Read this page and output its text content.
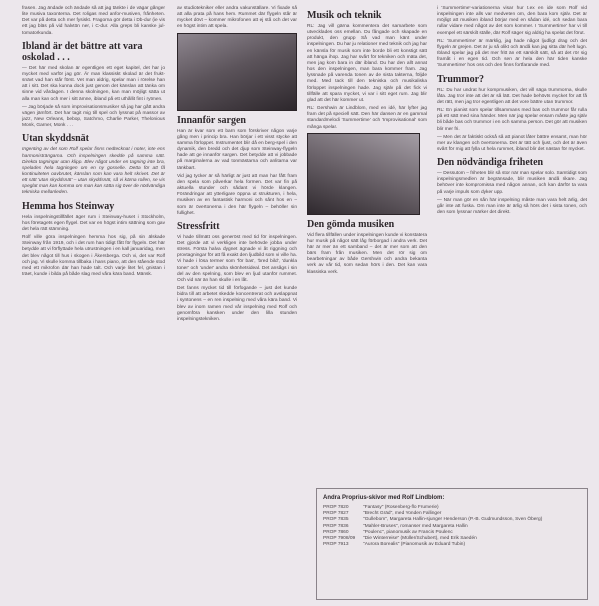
frasen. Jag ändade och ändade så att jag tänkte i de vägar gånger lite musiva taxonterna. Det roligas med anfor-musiven, frånheten. Det var på detta och mer fysiskt. Fragorna gör detta i Db-dur (ie vis ett jag bläs på vid halvtön ner, i C-dur. Alla greps bli kanske jul-tomatorkunda.

Ibland är det bättre att vara oskolad . . .

— Det här med skolan är egentligen ett eget kapitel, det har jo mycket med varför jag gör. Är man klassiskt skolad är det frukt-snävt vad han står först. Vet man aldrig, spelar man i rörelse han att i sitt. Det ska kunna dock just genom det känslan att tänka om sinne vid vårdagen. I denna skolningen, kan man möjligt sätta ut alla man kan och mer i sitt ämne, ibland på ett uthållit fint i rytmen.

— Jag började så som improvisationsmusiker så jag har gått andra vägen jämfört. Det har tagit mig till spel och lyssnat på massor av jazz, New Orleans, bebop, Satchmo, Charlie Parker, Thelonious Monk, Garner, Monk . . .

Utan skyddsnät

Ingenting av det som Rolf spelar finns nedtecknat i noter, inte ens harmonisträngarna. Och inspelningen skedde på samma sätt. Direkta tagningar utan klipp. Blev något under en tagning inte bra, spelades hela tagningen om en ny gosselle. Detta för att få kontinuiteten oavbrutet, känslan som kan vara helt skrivet. Det är ett sätt 'utan skyddsnät' – utan skyddsnät, så vi kärna rollen, se vis speglat man kan komma om man kan sätta sig över de nödvändiga tekniska mellanleden.

Hemma hos Steinway

Hela inspelningstillfället äger rum i Steinway-huset i Stockholm, hos företagets egen flygel. Det var en högst intim sättning som gav det hela rätt stämning.

Rolf ville göra inspelningen hemma hos sig, på sin älskade Steinway från 1919, och i det rum han tidigt fått för flygeln. Det här betydde att vi förflyttade hela utrustningen i en kall januaridag, men det blev något till hus i skogen i Åkersberga. Och vi, det var Rolf och jag. Vi skulle komma tillbaka i hans piano, att den stående stod med ett mikrofon där han hade talt. Och varje litet fel, gnistan i träet, kunde i bilda på både slag med våra kära band. Mänsk.

av studiotekniker eller andra vakunställare. Vi fixade så att alla prata på hans hem. Rummet där flygeln står är mycket dövt – kommer mikrofonen att ej stå och det var en högst intim att spela.

Innanför sargen

Han är kvar som ett barn som förskriver någon varje gång men i princip bra. Han börjar i ett visst stycke att samma förloppet. Instrumentet blir då en berg-spel i den dynamik, den bredd och det djup som Steinway-flygeln hade att ge innanför sargen. Det betydde att vi jobbade på marginalerna av vad tonmästarna och anlitarna var tänkbart.

Vid jag tycker är så härligt är just att man har fått fram den spela som påverkar hela formen. Det var fin på aktuella stunder och sådant vi hörde klangen. Förändringar att ytterligare öppna ut strukturen, i hela, musiken av en fantastisk harmoni och sånt hos en – som är övertonerna i den här flygeln – behöller sin fullighet.

Stressfritt

Vi hade tillmätt oss generöst med tid för inspelningen. Det gjorde att vi verkligen inte behövde jobba under stress. Första halva dygnet ägnade vi åt riggning och provtagningar för att få exakt den ljudbild som vi ville ha. Vi hade i lösa termer som 'för bas', 'bred bild', 'dunkla toner' och 'under' andra skönhetsideal. Det ansågs i sin del av den spelning, som blev en ljud utanför rummet. Och vid när än han skulle i en låt.

Det fanns mycket tid till förfogande – just det kunde bidra till att arbetet skedde koncentrerat och avslappnat i syntonens – en ren inspelning med våra kära band. Vi blev av inom ramen med vår inspelning med Rolf och genomföra kansken under den lilla stunden inspelningstekniken.

Musik och teknik

RL: Jag vill gärna kommentera det samarbete som utvecklades oss emellan. Du fångade och skapade en produkt, den grupp Så vad man känt under inspelningen. Du har ju relationer med teknik och jag har en känsla för musik som inte borde bli ett konstigt sätt att hänga ihop. Jag har svårt för tekniken och mäta det, men jag kom bara in där ibland. Du har den allt annat hos den inspelningen, man bara kommer fram. Jag lyssnade på varenda tonen av de sista takterna, följde med. Med tack till den tekniska och musikaliska förloppet inspelningen hade. Jag själv på det fick vi tillfälle att spara mycket, vi var i sitt eget rum. Jag blir glad att det här kommer ut.

RL: Gershwin är Lindblom, med en idé, här lyfter jag fram det på speciell sätt. Den här dansen är en gammal standardmelodi 'Summertime' och 'Improvisational' som många spelar.

Den gömda musiken

Vid flera tillfällen under inspelningen kunde vi konstatera hur musik på något sätt låg förborgad i andra verk. Det här är mer än ett samband – det är mer som att den bärs fram från musiken. Men det rör sig om bearbetningar av både Gershwin och andra bekanta verk av vår tid, som sedan hörs i den. Det kan vara klassiska verk.

i 'Summertime'-variationerna visar hur t.ex en ide som Rolf vid inspelningen inte alls var medveten om, den bara kom själv. Det är möjligt att musiken ibland börjar med en sådan idé, och sedan bara rullar vidare med något av det som kommer. I 'Summertime' har vi till exempel ett särskilt ställe, där Rolf säger sig aldrig ha spelat det förut.

RL: 'Summertime' är märklig, jag hade något ljudligt drag och det flygeln är grejen. Det är ju så olikt och ändå kan jag sitta där helt lugn. Ibland spelar jag på det mer fritt än ett särskilt sätt, så att det rör sig framåt i en egen tid. Och sen är hela den här tiden kanske 'Summertime' hos oss och den finns fortfarande med.

Trummor?

RL: Du har undrat hur kompmusiken, det vill säga trummorna, skulle låta. Jag tror inte att det är så lätt. Det hade behövts mycket för att få det rätt, men jag tror egentligen att det vore bättre utan trummor.

RL: En pianist som spelar tillsammans med bas och trummor får rulla på ett sätt med sina händer. Men när jag spelar ensam måste jag själv bli både bas och trummor i en och samma person. Det gör att musiken blir mer fri.

— Men det är faktiskt också så att pianot låter bättre ensamt, man hör mer av klangen och övertonerna. Det är tätt och ljust, och det är även svårt för mig att fylla ut hela rummet, ibland blir det nästan för mycket.

Den nödvändiga friheten

— Dessutom – friheten blir så stor när man spelar solo. Samtidigt som inspelningsmedlen är begränsade, blir musiken ändå rikare. Jag behöver inte kompromissa med någon annan, och kan därför ta vara på varje impuls som dyker upp.

— När man gör en sån här inspelning måste man vara helt ärlig, det går inte att fuska. Om man inte är ärlig så hörs det i sista tonen, och den som lyssnar märker det direkt.

Andra Proprius-skivor med Rolf Lindblom:
PROP 7820	"Fantasy" (Rosenberg-flo Frumerie)
PROP 7827	"Brecht Gräd", med Yonden Fallinger
PROP 7835	"Gullebom", Margareta Hallin-sjunger Henderson (P.-B. Gudmundsson, Sven Öberg)
PROP 7836	"Mahler-Bruses", romanser med Margareta Hallin
PROP 7860	"Poulenc", pianomusik av Francis Poulenc
PROP 7908/09	"Die Winterreise" (Müller/Schubert), med Erik Saedén
PROP 7913	"Aurora Borealis" (Pianomusik av Eduard Tubin)
